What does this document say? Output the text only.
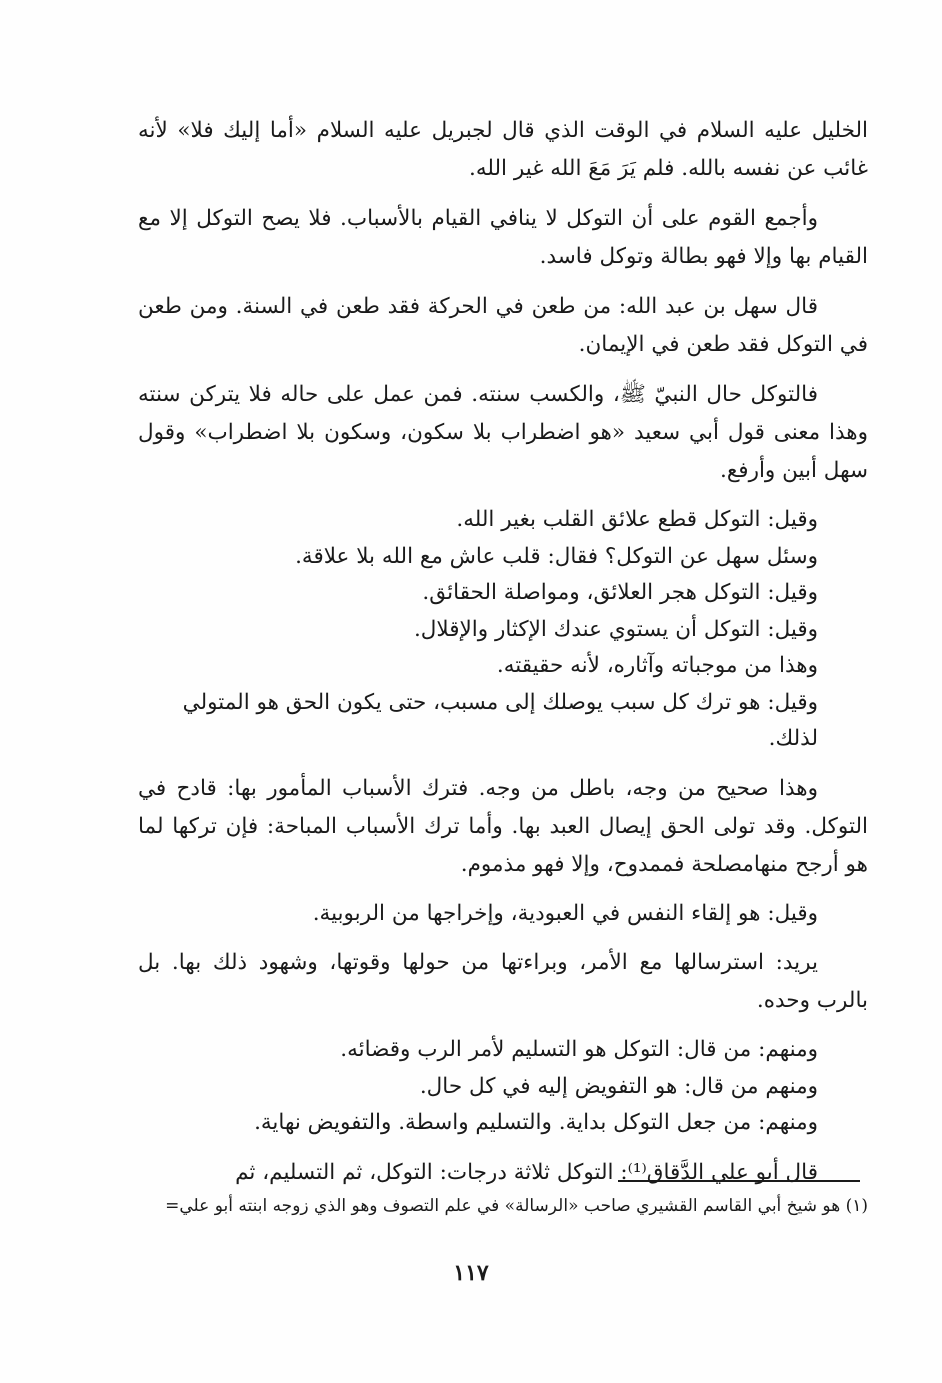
الخليل عليه السلام في الوقت الذي قال لجبريل عليه السلام «أما إليك فلا» لأنه غائب عن نفسه بالله. فلم يَرَ مَعَ الله غير الله.

وأجمع القوم على أن التوكل لا ينافي القيام بالأسباب. فلا يصح التوكل إلا مع القيام بها وإلا فهو بطالة وتوكل فاسد.

قال سهل بن عبد الله: من طعن في الحركة فقد طعن في السنة. ومن طعن في التوكل فقد طعن في الإيمان.

فالتوكل حال النبيّ ﷺ، والكسب سنته. فمن عمل على حاله فلا يتركن سنته وهذا معنى قول أبي سعيد «هو اضطراب بلا سكون، وسكون بلا اضطراب» وقول سهل أبين وأرفع.

وقيل: التوكل قطع علائق القلب بغير الله.

وسئل سهل عن التوكل؟ فقال: قلب عاش مع الله بلا علاقة.

وقيل: التوكل هجر العلائق، ومواصلة الحقائق.

وقيل: التوكل أن يستوي عندك الإكثار والإقلال.

وهذا من موجباته وآثاره، لأنه حقيقته.

وقيل: هو ترك كل سبب يوصلك إلى مسبب، حتى يكون الحق هو المتولي لذلك.

وهذا صحيح من وجه، باطل من وجه. فترك الأسباب المأمور بها: قادح في التوكل. وقد تولى الحق إيصال العبد بها. وأما ترك الأسباب المباحة: فإن تركها لما هو أرجح منهامصلحة فممدوح، وإلا فهو مذموم.

وقيل: هو إلقاء النفس في العبودية، وإخراجها من الربوبية.

يريد: استرسالها مع الأمر، وبراءتها من حولها وقوتها، وشهود ذلك بها. بل بالرب وحده.

ومنهم: من قال: التوكل هو التسليم لأمر الرب وقضائه.

ومنهم من قال: هو التفويض إليه في كل حال.

ومنهم: من جعل التوكل بداية. والتسليم واسطة. والتفويض نهاية.

قال أبو علي الدَّقاق⁽¹⁾: التوكل ثلاثة درجات: التوكل، ثم التسليم، ثم

(١) هو شيخ أبي القاسم القشيري صاحب «الرسالة» في علم التصوف وهو الذي زوجه ابنته أبو علي=
١١٧
